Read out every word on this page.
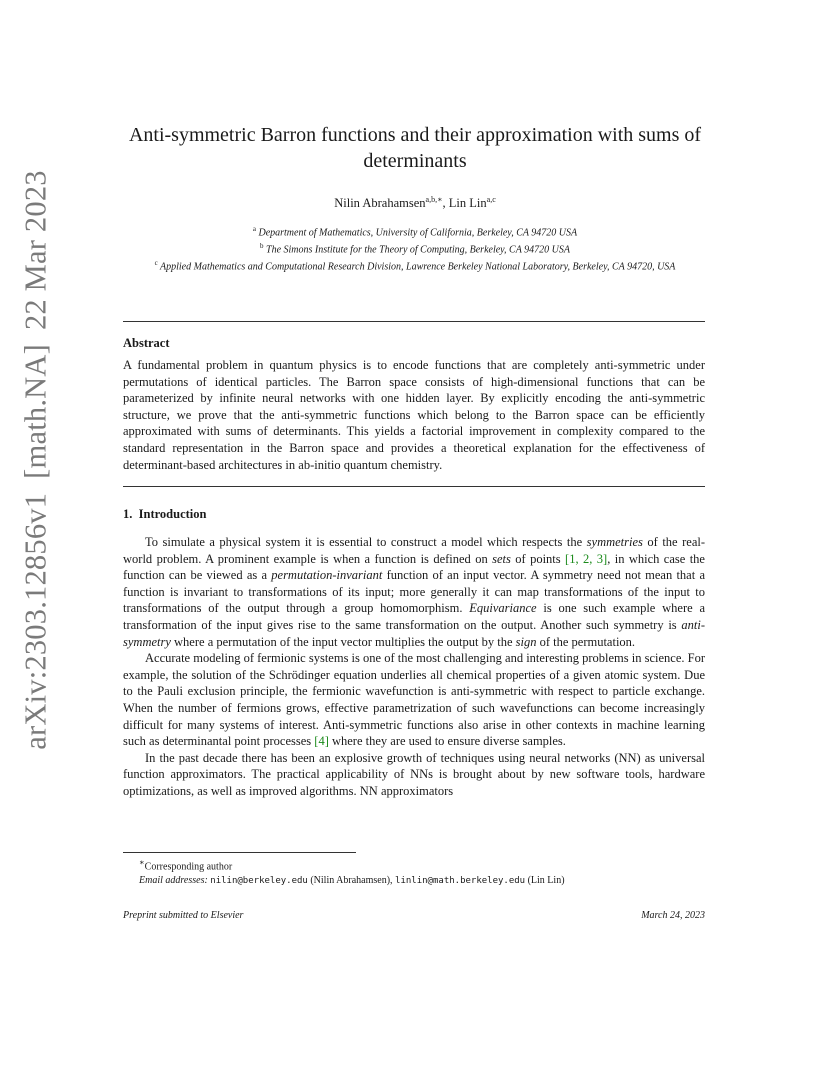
arXiv:2303.12856v1[math.NA]22 Mar 2023
Anti-symmetric Barron functions and their approximation with sums of
determinants
Nilin Abrahamsen$^{a,b,∗}$, Lin Lin$^{a,c}$
$^a$ Department of Mathematics, University of California, Berkeley, CA 94720 USA
$^b$ The Simons Institute for the Theory of Computing, Berkeley, CA 94720 USA
$^c$ Applied Mathematics and Computational Research Division, Lawrence Berkeley National Laboratory, Berkeley, CA 94720, USA
Abstract

A fundamental problem in quantum physics is to encode functions that are completely anti-symmetric under permutations of identical particles. The Barron space consists of high-dimensional functions that can be parameterized by infinite neural networks with one hidden layer. By explicitly encoding the anti-symmetric structure, we prove that the anti-symmetric functions which belong to the Barron space can be efficiently approximated with sums of determinants. This yields a factorial improvement in complexity compared to the standard representation in the Barron space and provides a theoretical explanation for the effectiveness of determinant-based architectures in ab-initio quantum chemistry.

1. Introduction

To simulate a physical system it is essential to construct a model which respects the symmetries of the real-world problem. A prominent example is when a function is defined on sets of points [1, 2, 3], in which case the function can be viewed as a permutation-invariant function of an input vector. A symmetry need not mean that a function is invariant to transformations of its input; more generally it can map transformations of the input to transformations of the output through a group homomorphism. Equivariance is one such example where a transformation of the input gives rise to the same transformation on the output. Another such symmetry is anti-symmetry where a permutation of the input vector multiplies the output by the sign of the permutation.

Accurate modeling of fermionic systems is one of the most challenging and interesting problems in science. For example, the solution of the Schrödinger equation underlies all chemical properties of a given atomic system. Due to the Pauli exclusion principle, the fermionic wavefunction is anti-symmetric with respect to particle exchange. When the number of fermions grows, effective parametrization of such wavefunctions can become increasingly difficult for many systems of interest. Anti-symmetric functions also arise in other contexts in machine learning such as determinantal point processes [4] where they are used to ensure diverse samples.

In the past decade there has been an explosive growth of techniques using neural networks (NN) as universal function approximators. The practical applicability of NNs is brought about by new software tools, hardware optimizations, as well as improved algorithms. NN approximators

∗Corresponding author
Email addresses: nilin@berkeley.edu (Nilin Abrahamsen), linlin@math.berkeley.edu (Lin Lin)
Preprint submitted to Elsevier	March 24, 2023
